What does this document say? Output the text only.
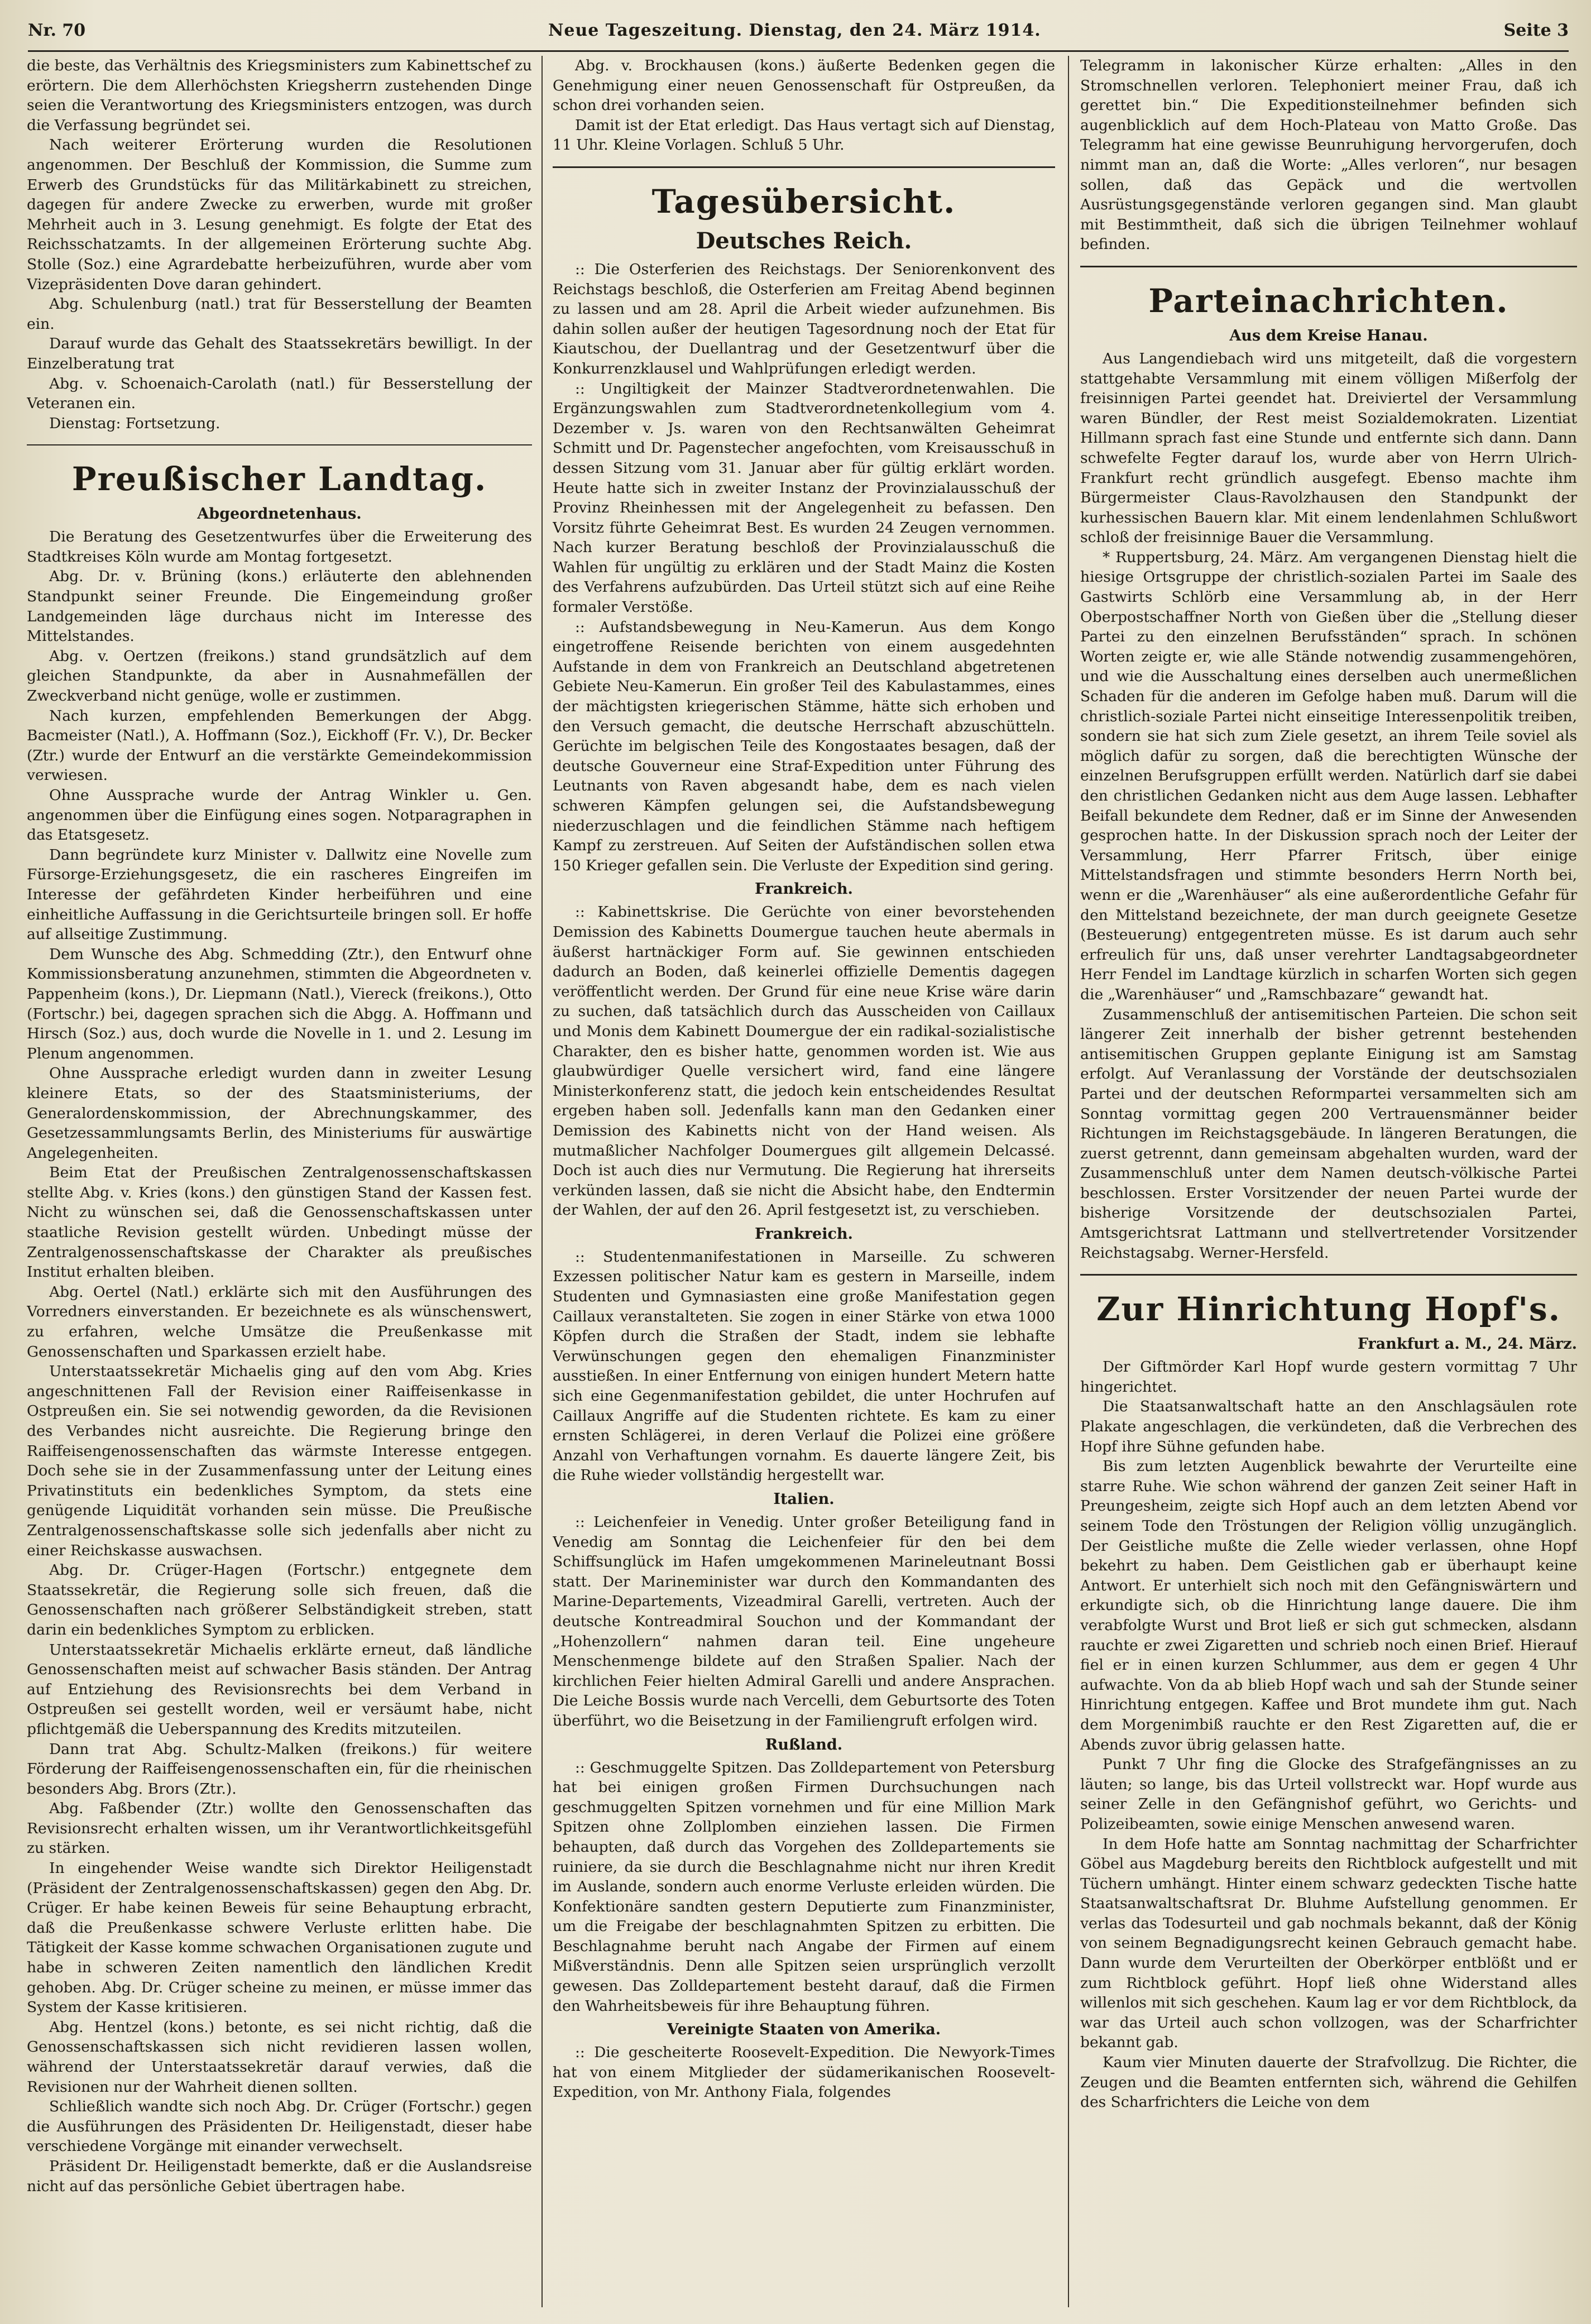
Nr. 70	Neue Tageszeitung. Dienstag, den 24. März 1914.	Seite 3

die beste, das Verhältnis des Kriegsministers zum Kabinettschef zu erörtern. Die dem Allerhöchsten Kriegsherrn zustehenden Dinge seien die Verantwortung des Kriegsministers entzogen, was durch die Verfassung begründet sei.

Nach weiterer Erörterung wurden die Resolutionen angenommen. Der Beschluß der Kommission, die Summe zum Erwerb des Grundstücks für das Militärkabinett zu streichen, dagegen für andere Zwecke zu erwerben, wurde mit großer Mehrheit auch in 3. Lesung genehmigt. Es folgte der Etat des Reichsschatzamts. In der allgemeinen Erörterung suchte Abg. Stolle (Soz.) eine Agrardebatte herbeizuführen, wurde aber vom Vizepräsidenten Dove daran gehindert.

Abg. Schulenburg (natl.) trat für Besserstellung der Beamten ein.

Darauf wurde das Gehalt des Staatssekretärs bewilligt. In der Einzelberatung trat

Abg. v. Schoenaich-Carolath (natl.) für Besserstellung der Veteranen ein.

Dienstag: Fortsetzung.

Preußischer Landtag.
Abgeordnetenhaus.

Die Beratung des Gesetzentwurfes über die Erweiterung des Stadtkreises Köln wurde am Montag fortgesetzt.

Abg. Dr. v. Brüning (kons.) erläuterte den ablehnenden Standpunkt seiner Freunde. Die Eingemeindung großer Landgemeinden läge durchaus nicht im Interesse des Mittelstandes.

Abg. v. Oertzen (freikons.) stand grundsätzlich auf dem gleichen Standpunkte, da aber in Ausnahmefällen der Zweckverband nicht genüge, wolle er zustimmen.

Nach kurzen, empfehlenden Bemerkungen der Abgg. Bacmeister (Natl.), A. Hoffmann (Soz.), Eickhoff (Fr. V.), Dr. Becker (Ztr.) wurde der Entwurf an die verstärkte Gemeindekommission verwiesen.

Ohne Aussprache wurde der Antrag Winkler u. Gen. angenommen über die Einfügung eines sogen. Notparagraphen in das Etatsgesetz.

Dann begründete kurz Minister v. Dallwitz eine Novelle zum Fürsorge-Erziehungsgesetz, die ein rascheres Eingreifen im Interesse der gefährdeten Kinder herbeiführen und eine einheitliche Auffassung in die Gerichtsurteile bringen soll. Er hoffe auf allseitige Zustimmung.

Dem Wunsche des Abg. Schmedding (Ztr.), den Entwurf ohne Kommissionsberatung anzunehmen, stimmten die Abgeordneten v. Pappenheim (kons.), Dr. Liepmann (Natl.), Viereck (freikons.), Otto (Fortschr.) bei, dagegen sprachen sich die Abgg. A. Hoffmann und Hirsch (Soz.) aus, doch wurde die Novelle in 1. und 2. Lesung im Plenum angenommen.

Ohne Aussprache erledigt wurden dann in zweiter Lesung kleinere Etats, so der des Staatsministeriums, der Generalordenskommission, der Abrechnungskammer, des Gesetzessammlungsamts Berlin, des Ministeriums für auswärtige Angelegenheiten.

Beim Etat der Preußischen Zentralgenossenschaftskassen stellte Abg. v. Kries (kons.) den günstigen Stand der Kassen fest. Nicht zu wünschen sei, daß die Genossenschaftskassen unter staatliche Revision gestellt würden. Unbedingt müsse der Zentralgenossenschaftskasse der Charakter als preußisches Institut erhalten bleiben.

Abg. Oertel (Natl.) erklärte sich mit den Ausführungen des Vorredners einverstanden. Er bezeichnete es als wünschenswert, zu erfahren, welche Umsätze die Preußenkasse mit Genossenschaften und Sparkassen erzielt habe.

Unterstaatssekretär Michaelis ging auf den vom Abg. Kries angeschnittenen Fall der Revision einer Raiffeisenkasse in Ostpreußen ein. Sie sei notwendig geworden, da die Revisionen des Verbandes nicht ausreichte. Die Regierung bringe den Raiffeisengenossenschaften das wärmste Interesse entgegen. Doch sehe sie in der Zusammenfassung unter der Leitung eines Privatinstituts ein bedenkliches Symptom, da stets eine genügende Liquidität vorhanden sein müsse. Die Preußische Zentralgenossenschaftskasse solle sich jedenfalls aber nicht zu einer Reichskasse auswachsen.

Abg. Dr. Crüger-Hagen (Fortschr.) entgegnete dem Staatssekretär, die Regierung solle sich freuen, daß die Genossenschaften nach größerer Selbständigkeit streben, statt darin ein bedenkliches Symptom zu erblicken.

Unterstaatssekretär Michaelis erklärte erneut, daß ländliche Genossenschaften meist auf schwacher Basis ständen. Der Antrag auf Entziehung des Revisionsrechts bei dem Verband in Ostpreußen sei gestellt worden, weil er versäumt habe, nicht pflichtgemäß die Ueberspannung des Kredits mitzuteilen.

Dann trat Abg. Schultz-Malken (freikons.) für weitere Förderung der Raiffeisengenossenschaften ein, für die rheinischen besonders Abg. Brors (Ztr.).

Abg. Faßbender (Ztr.) wollte den Genossenschaften das Revisionsrecht erhalten wissen, um ihr Verantwortlichkeitsgefühl zu stärken.

In eingehender Weise wandte sich Direktor Heiligenstadt (Präsident der Zentralgenossenschaftskassen) gegen den Abg. Dr. Crüger. Er habe keinen Beweis für seine Behauptung erbracht, daß die Preußenkasse schwere Verluste erlitten habe. Die Tätigkeit der Kasse komme schwachen Organisationen zugute und habe in schweren Zeiten namentlich den ländlichen Kredit gehoben. Abg. Dr. Crüger scheine zu meinen, er müsse immer das System der Kasse kritisieren.

Abg. Hentzel (kons.) betonte, es sei nicht richtig, daß die Genossenschaftskassen sich nicht revidieren lassen wollen, während der Unterstaatssekretär darauf verwies, daß die Revisionen nur der Wahrheit dienen sollten.

Schließlich wandte sich noch Abg. Dr. Crüger (Fortschr.) gegen die Ausführungen des Präsidenten Dr. Heiligenstadt, dieser habe verschiedene Vorgänge mit einander verwechselt.

Präsident Dr. Heiligenstadt bemerkte, daß er die Auslandsreise nicht auf das persönliche Gebiet übertragen habe.

Abg. v. Brockhausen (kons.) äußerte Bedenken gegen die Genehmigung einer neuen Genossenschaft für Ostpreußen, da schon drei vorhanden seien.

Damit ist der Etat erledigt. Das Haus vertagt sich auf Dienstag, 11 Uhr. Kleine Vorlagen. Schluß 5 Uhr.

Tagesübersicht.
Deutsches Reich.

:: Die Osterferien des Reichstags. Der Seniorenkonvent des Reichstags beschloß, die Osterferien am Freitag Abend beginnen zu lassen und am 28. April die Arbeit wieder aufzunehmen. Bis dahin sollen außer der heutigen Tagesordnung noch der Etat für Kiautschou, der Duellantrag und der Gesetzentwurf über die Konkurrenzklausel und Wahlprüfungen erledigt werden.

:: Ungiltigkeit der Mainzer Stadtverordnetenwahlen. Die Ergänzungswahlen zum Stadtverordnetenkollegium vom 4. Dezember v. Js. waren von den Rechtsanwälten Geheimrat Schmitt und Dr. Pagenstecher angefochten, vom Kreisausschuß in dessen Sitzung vom 31. Januar aber für gültig erklärt worden. Heute hatte sich in zweiter Instanz der Provinzialausschuß der Provinz Rheinhessen mit der Angelegenheit zu befassen. Den Vorsitz führte Geheimrat Best. Es wurden 24 Zeugen vernommen. Nach kurzer Beratung beschloß der Provinzialausschuß die Wahlen für ungültig zu erklären und der Stadt Mainz die Kosten des Verfahrens aufzubürden. Das Urteil stützt sich auf eine Reihe formaler Verstöße.

:: Aufstandsbewegung in Neu-Kamerun. Aus dem Kongo eingetroffene Reisende berichten von einem ausgedehnten Aufstande in dem von Frankreich an Deutschland abgetretenen Gebiete Neu-Kamerun. Ein großer Teil des Kabulastammes, eines der mächtigsten kriegerischen Stämme, hätte sich erhoben und den Versuch gemacht, die deutsche Herrschaft abzuschütteln. Gerüchte im belgischen Teile des Kongostaates besagen, daß der deutsche Gouverneur eine Straf-Expedition unter Führung des Leutnants von Raven abgesandt habe, dem es nach vielen schweren Kämpfen gelungen sei, die Aufstandsbewegung niederzuschlagen und die feindlichen Stämme nach heftigem Kampf zu zerstreuen. Auf Seiten der Aufständischen sollen etwa 150 Krieger gefallen sein. Die Verluste der Expedition sind gering.

Frankreich.

:: Kabinettskrise. Die Gerüchte von einer bevorstehenden Demission des Kabinetts Doumergue tauchen heute abermals in äußerst hartnäckiger Form auf. Sie gewinnen entschieden dadurch an Boden, daß keinerlei offizielle Dementis dagegen veröffentlicht werden. Der Grund für eine neue Krise wäre darin zu suchen, daß tatsächlich durch das Ausscheiden von Caillaux und Monis dem Kabinett Doumergue der ein radikal-sozialistische Charakter, den es bisher hatte, genommen worden ist. Wie aus glaubwürdiger Quelle versichert wird, fand eine längere Ministerkonferenz statt, die jedoch kein entscheidendes Resultat ergeben haben soll. Jedenfalls kann man den Gedanken einer Demission des Kabinetts nicht von der Hand weisen. Als mutmaßlicher Nachfolger Doumergues gilt allgemein Delcassé. Doch ist auch dies nur Vermutung. Die Regierung hat ihrerseits verkünden lassen, daß sie nicht die Absicht habe, den Endtermin der Wahlen, der auf den 26. April festgesetzt ist, zu verschieben.

Frankreich.

:: Studentenmanifestationen in Marseille. Zu schweren Exzessen politischer Natur kam es gestern in Marseille, indem Studenten und Gymnasiasten eine große Manifestation gegen Caillaux veranstalteten. Sie zogen in einer Stärke von etwa 1000 Köpfen durch die Straßen der Stadt, indem sie lebhafte Verwünschungen gegen den ehemaligen Finanzminister ausstießen. In einer Entfernung von einigen hundert Metern hatte sich eine Gegenmanifestation gebildet, die unter Hochrufen auf Caillaux Angriffe auf die Studenten richtete. Es kam zu einer ernsten Schlägerei, in deren Verlauf die Polizei eine größere Anzahl von Verhaftungen vornahm. Es dauerte längere Zeit, bis die Ruhe wieder vollständig hergestellt war.

Italien.

:: Leichenfeier in Venedig. Unter großer Beteiligung fand in Venedig am Sonntag die Leichenfeier für den bei dem Schiffsunglück im Hafen umgekommenen Marineleutnant Bossi statt. Der Marineminister war durch den Kommandanten des Marine-Departements, Vizeadmiral Garelli, vertreten. Auch der deutsche Kontreadmiral Souchon und der Kommandant der „Hohenzollern“ nahmen daran teil. Eine ungeheure Menschenmenge bildete auf den Straßen Spalier. Nach der kirchlichen Feier hielten Admiral Garelli und andere Ansprachen. Die Leiche Bossis wurde nach Vercelli, dem Geburtsorte des Toten überführt, wo die Beisetzung in der Familiengruft erfolgen wird.

Rußland.

:: Geschmuggelte Spitzen. Das Zolldepartement von Petersburg hat bei einigen großen Firmen Durchsuchungen nach geschmuggelten Spitzen vornehmen und für eine Million Mark Spitzen ohne Zollplomben einziehen lassen. Die Firmen behaupten, daß durch das Vorgehen des Zolldepartements sie ruiniere, da sie durch die Beschlagnahme nicht nur ihren Kredit im Auslande, sondern auch enorme Verluste erleiden würden. Die Konfektionäre sandten gestern Deputierte zum Finanzminister, um die Freigabe der beschlagnahmten Spitzen zu erbitten. Die Beschlagnahme beruht nach Angabe der Firmen auf einem Mißverständnis. Denn alle Spitzen seien ursprünglich verzollt gewesen. Das Zolldepartement besteht darauf, daß die Firmen den Wahrheitsbeweis für ihre Behauptung führen.

Vereinigte Staaten von Amerika.

:: Die gescheiterte Roosevelt-Expedition. Die Newyork-Times hat von einem Mitglieder der südamerikanischen Roosevelt-Expedition, von Mr. Anthony Fiala, folgendes

Telegramm in lakonischer Kürze erhalten: „Alles in den Stromschnellen verloren. Telephoniert meiner Frau, daß ich gerettet bin.“ Die Expeditionsteilnehmer befinden sich augenblicklich auf dem Hoch-Plateau von Matto Große. Das Telegramm hat eine gewisse Beunruhigung hervorgerufen, doch nimmt man an, daß die Worte: „Alles verloren“, nur besagen sollen, daß das Gepäck und die wertvollen Ausrüstungsgegenstände verloren gegangen sind. Man glaubt mit Bestimmtheit, daß sich die übrigen Teilnehmer wohlauf befinden.

Parteinachrichten.
Aus dem Kreise Hanau.

Aus Langendiebach wird uns mitgeteilt, daß die vorgestern stattgehabte Versammlung mit einem völligen Mißerfolg der freisinnigen Partei geendet hat. Dreiviertel der Versammlung waren Bündler, der Rest meist Sozialdemokraten. Lizentiat Hillmann sprach fast eine Stunde und entfernte sich dann. Dann schwefelte Fegter darauf los, wurde aber von Herrn Ulrich-Frankfurt recht gründlich ausgefegt. Ebenso machte ihm Bürgermeister Claus-Ravolzhausen den Standpunkt der kurhessischen Bauern klar. Mit einem lendenlahmen Schlußwort schloß der freisinnige Bauer die Versammlung.

* Ruppertsburg, 24. März. Am vergangenen Dienstag hielt die hiesige Ortsgruppe der christlich-sozialen Partei im Saale des Gastwirts Schlörb eine Versammlung ab, in der Herr Oberpostschaffner North von Gießen über die „Stellung dieser Partei zu den einzelnen Berufsständen“ sprach. In schönen Worten zeigte er, wie alle Stände notwendig zusammengehören, und wie die Ausschaltung eines derselben auch unermeßlichen Schaden für die anderen im Gefolge haben muß. Darum will die christlich-soziale Partei nicht einseitige Interessenpolitik treiben, sondern sie hat sich zum Ziele gesetzt, an ihrem Teile soviel als möglich dafür zu sorgen, daß die berechtigten Wünsche der einzelnen Berufsgruppen erfüllt werden. Natürlich darf sie dabei den christlichen Gedanken nicht aus dem Auge lassen. Lebhafter Beifall bekundete dem Redner, daß er im Sinne der Anwesenden gesprochen hatte. In der Diskussion sprach noch der Leiter der Versammlung, Herr Pfarrer Fritsch, über einige Mittelstandsfragen und stimmte besonders Herrn North bei, wenn er die „Warenhäuser“ als eine außerordentliche Gefahr für den Mittelstand bezeichnete, der man durch geeignete Gesetze (Besteuerung) entgegentreten müsse. Es ist darum auch sehr erfreulich für uns, daß unser verehrter Landtagsabgeordneter Herr Fendel im Landtage kürzlich in scharfen Worten sich gegen die „Warenhäuser“ und „Ramschbazare“ gewandt hat.

Zusammenschluß der antisemitischen Parteien. Die schon seit längerer Zeit innerhalb der bisher getrennt bestehenden antisemitischen Gruppen geplante Einigung ist am Samstag erfolgt. Auf Veranlassung der Vorstände der deutschsozialen Partei und der deutschen Reformpartei versammelten sich am Sonntag vormittag gegen 200 Vertrauensmänner beider Richtungen im Reichstagsgebäude. In längeren Beratungen, die zuerst getrennt, dann gemeinsam abgehalten wurden, ward der Zusammenschluß unter dem Namen deutsch-völkische Partei beschlossen. Erster Vorsitzender der neuen Partei wurde der bisherige Vorsitzende der deutschsozialen Partei, Amtsgerichtsrat Lattmann und stellvertretender Vorsitzender Reichstagsabg. Werner-Hersfeld.

Zur Hinrichtung Hopf's.
Frankfurt a. M., 24. März.

Der Giftmörder Karl Hopf wurde gestern vormittag 7 Uhr hingerichtet.

Die Staatsanwaltschaft hatte an den Anschlagsäulen rote Plakate angeschlagen, die verkündeten, daß die Verbrechen des Hopf ihre Sühne gefunden habe.

Bis zum letzten Augenblick bewahrte der Verurteilte eine starre Ruhe. Wie schon während der ganzen Zeit seiner Haft in Preungesheim, zeigte sich Hopf auch an dem letzten Abend vor seinem Tode den Tröstungen der Religion völlig unzugänglich. Der Geistliche mußte die Zelle wieder verlassen, ohne Hopf bekehrt zu haben. Dem Geistlichen gab er überhaupt keine Antwort. Er unterhielt sich noch mit den Gefängniswärtern und erkundigte sich, ob die Hinrichtung lange dauere. Die ihm verabfolgte Wurst und Brot ließ er sich gut schmecken, alsdann rauchte er zwei Zigaretten und schrieb noch einen Brief. Hierauf fiel er in einen kurzen Schlummer, aus dem er gegen 4 Uhr aufwachte. Von da ab blieb Hopf wach und sah der Stunde seiner Hinrichtung entgegen. Kaffee und Brot mundete ihm gut. Nach dem Morgenimbiß rauchte er den Rest Zigaretten auf, die er Abends zuvor übrig gelassen hatte.

Punkt 7 Uhr fing die Glocke des Strafgefängnisses an zu läuten; so lange, bis das Urteil vollstreckt war. Hopf wurde aus seiner Zelle in den Gefängnishof geführt, wo Gerichts- und Polizeibeamten, sowie einige Menschen anwesend waren.

In dem Hofe hatte am Sonntag nachmittag der Scharfrichter Göbel aus Magdeburg bereits den Richtblock aufgestellt und mit Tüchern umhängt. Hinter einem schwarz gedeckten Tische hatte Staatsanwaltschaftsrat Dr. Bluhme Aufstellung genommen. Er verlas das Todesurteil und gab nochmals bekannt, daß der König von seinem Begnadigungsrecht keinen Gebrauch gemacht habe. Dann wurde dem Verurteilten der Oberkörper entblößt und er zum Richtblock geführt. Hopf ließ ohne Widerstand alles willenlos mit sich geschehen. Kaum lag er vor dem Richtblock, da war das Urteil auch schon vollzogen, was der Scharfrichter bekannt gab.

Kaum vier Minuten dauerte der Strafvollzug. Die Richter, die Zeugen und die Beamten entfernten sich, während die Gehilfen des Scharfrichters die Leiche von dem
